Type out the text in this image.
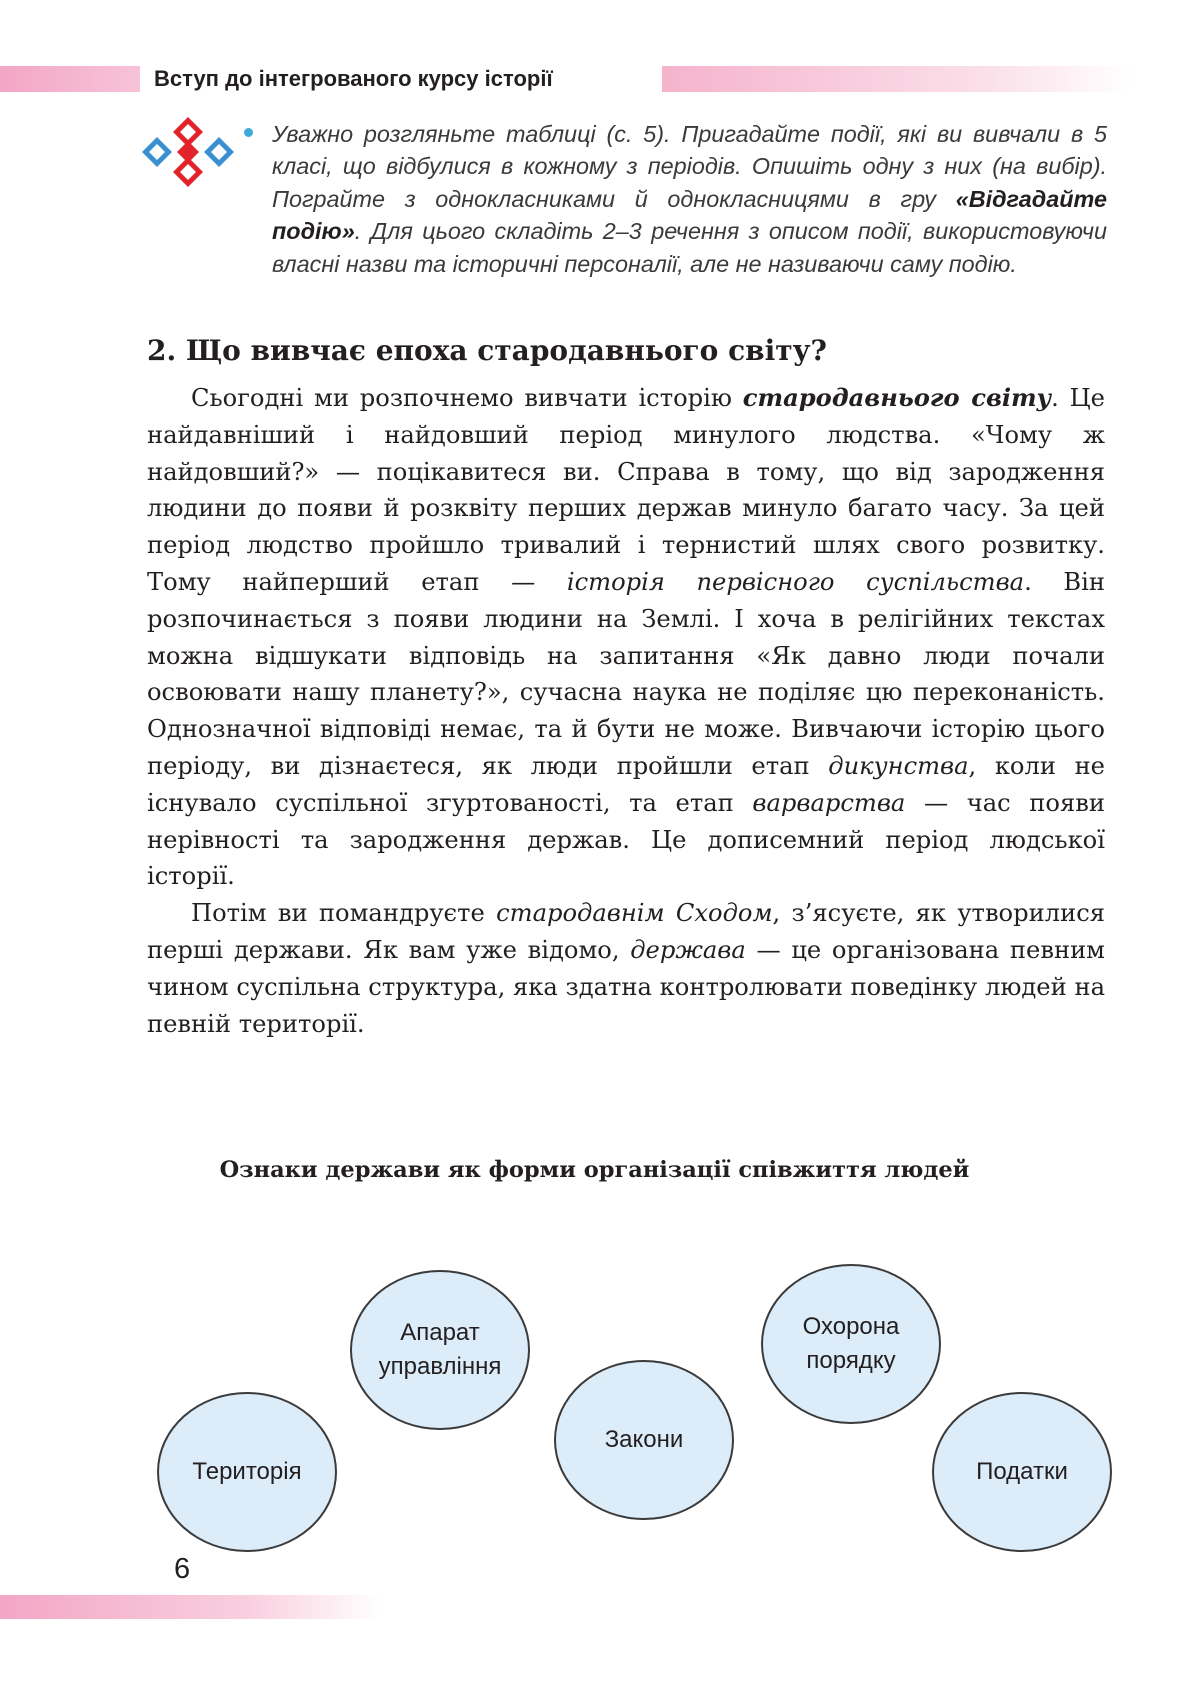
Вступ до інтегрованого курсу історії
Уважно розгляньте таблиці (с. 5). Пригадайте події, які ви вивчали в 5 класі, що відбулися в кожному з періодів. Опишіть одну з них (на вибір). Пограйте з однокласниками й однокласницями в гру «Відгадайте подію». Для цього складіть 2–3 речення з описом події, використовуючи власні назви та історичні персоналії, але не називаючи саму подію.
2. Що вивчає епоха стародавнього світу?

Сьогодні ми розпочнемо вивчати історію стародавнього світу. Це найдавніший і найдовший період минулого людства. «Чому ж найдовший?» — поцікавитеся ви. Справа в тому, що від зародження людини до появи й розквіту перших держав минуло багато часу. За цей період людство пройшло тривалий і тернистий шлях свого розвитку. Тому найперший етап — історія первісного суспільства. Він розпочинається з появи людини на Землі. І хоча в релігійних текстах можна відшукати відповідь на запитання «Як давно люди почали освоювати нашу планету?», сучасна наука не поділяє цю переконаність. Однозначної відповіді немає, та й бути не може. Вивчаючи історію цього періоду, ви дізнаєтеся, як люди пройшли етап дикунства, коли не існувало суспільної згуртованості, та етап варварства — час появи нерівності та зародження держав. Це дописемний період людської історії.

Потім ви помандруєте стародавнім Сходом, з’ясуєте, як утворилися перші держави. Як вам уже відомо, держава — це організована певним чином суспільна структура, яка здатна контролювати поведінку людей на певній території.

Ознаки держави як форми організації співжиття людей
Територія
Апарат
управління
Закони
Охорона
порядку
Податки
6
